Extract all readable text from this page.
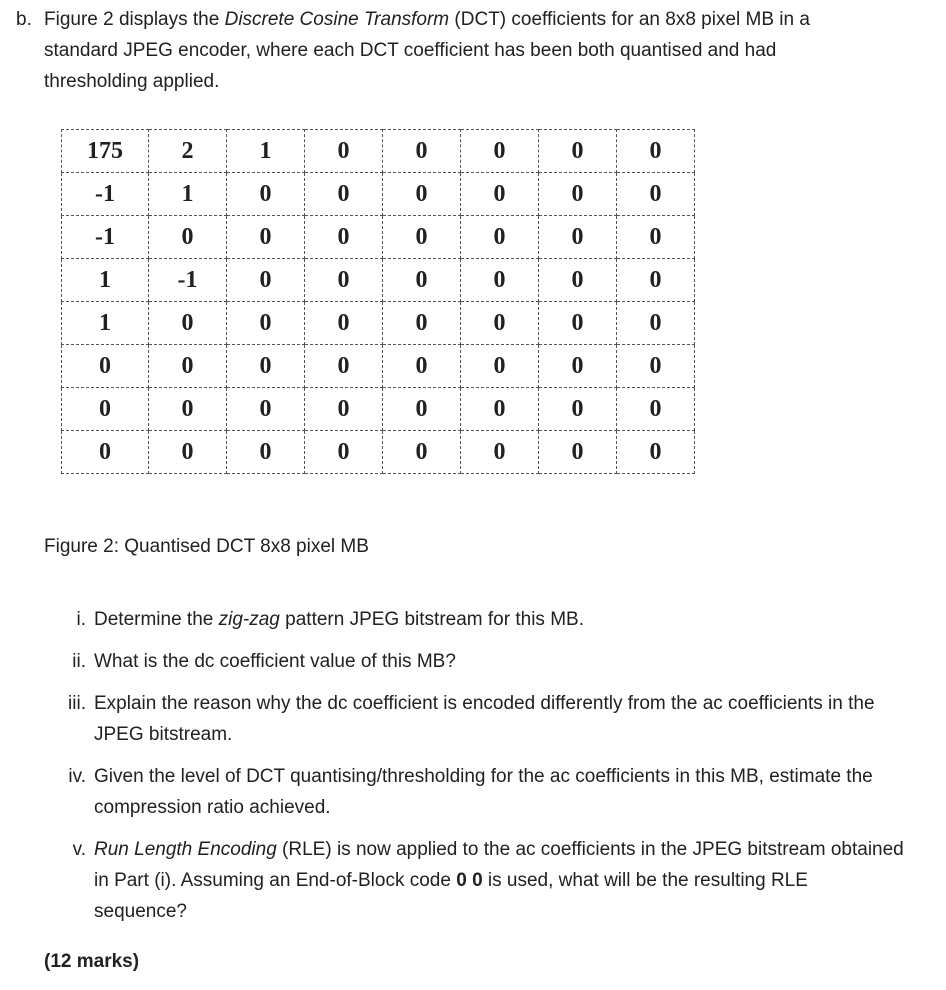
b. Figure 2 displays the Discrete Cosine Transform (DCT) coefficients for an 8x8 pixel MB in a standard JPEG encoder, where each DCT coefficient has been both quantised and had thresholding applied.
175	2	1	0	0	0	0	0
-1	1	0	0	0	0	0	0
-1	0	0	0	0	0	0	0
1	-1	0	0	0	0	0	0
1	0	0	0	0	0	0	0
0	0	0	0	0	0	0	0
0	0	0	0	0	0	0	0
0	0	0	0	0	0	0	0
Figure 2: Quantised DCT 8x8 pixel MB
i. Determine the zig-zag pattern JPEG bitstream for this MB.
ii. What is the dc coefficient value of this MB?
iii. Explain the reason why the dc coefficient is encoded differently from the ac coefficients in the JPEG bitstream.
iv. Given the level of DCT quantising/thresholding for the ac coefficients in this MB, estimate the compression ratio achieved.
v. Run Length Encoding (RLE) is now applied to the ac coefficients in the JPEG bitstream obtained in Part (i). Assuming an End-of-Block code 0 0 is used, what will be the resulting RLE sequence?
(12 marks)
